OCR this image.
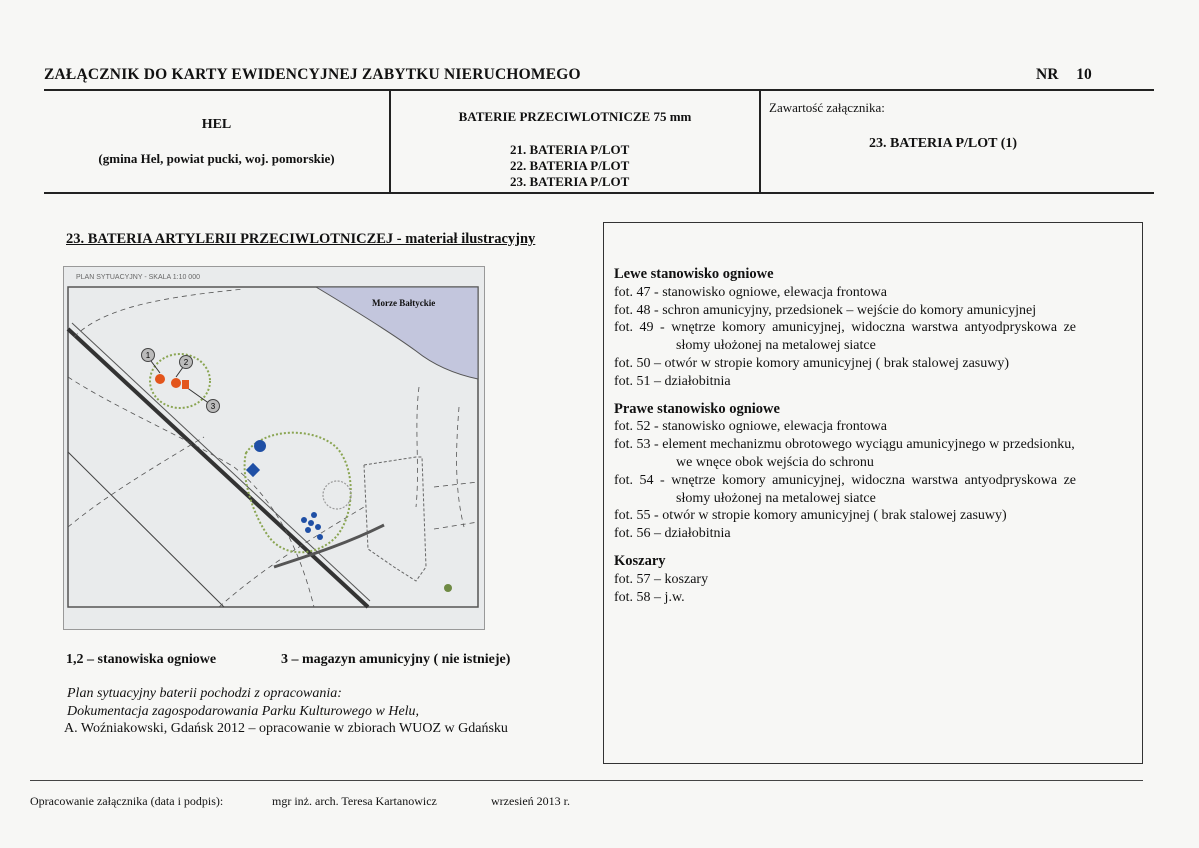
ZAŁĄCZNIK DO KARTY EWIDENCYJNEJ ZABYTKU NIERUCHOMEGO	NR 10
HEL
(gmina Hel, powiat pucki, woj. pomorskie)
BATERIE PRZECIWLOTNICZE 75 mm
21. BATERIA P/LOT
22. BATERIA P/LOT
23. BATERIA P/LOT
Zawartość załącznika:
23. BATERIA P/LOT (1)
23. BATERIA ARTYLERII PRZECIWLOTNICZEJ - materiał ilustracyjny
1
2
3
PLAN SYTUACYJNY - SKALA 1:10 000
Morze Bałtyckie
1,2 – stanowiska ogniowe	3 – magazyn amunicyjny ( nie istnieje)
Plan sytuacyjny baterii pochodzi z opracowania:
Dokumentacja zagospodarowania Parku Kulturowego w Helu,
A. Woźniakowski, Gdańsk 2012 – opracowanie w zbiorach WUOZ w Gdańsku
Lewe stanowisko ogniowe
fot. 47 - stanowisko ogniowe, elewacja frontowa
fot. 48 - schron amunicyjny, przedsionek – wejście do komory amunicyjnej
fot. 49 - wnętrze komory amunicyjnej, widoczna warstwa antyodpryskowa ze
słomy ułożonej na metalowej siatce
fot. 50 – otwór w stropie komory amunicyjnej ( brak stalowej zasuwy)
fot. 51 – działobitnia
Prawe stanowisko ogniowe
fot. 52 - stanowisko ogniowe, elewacja frontowa
fot. 53 - element mechanizmu obrotowego wyciągu amunicyjnego w przedsionku,
we wnęce obok wejścia do schronu
fot. 54 - wnętrze komory amunicyjnej, widoczna warstwa antyodpryskowa ze
słomy ułożonej na metalowej siatce
fot. 55 - otwór w stropie komory amunicyjnej ( brak stalowej zasuwy)
fot. 56 – działobitnia
Koszary
fot. 57 – koszary
fot. 58 – j.w.
Opracowanie załącznika (data i podpis):	mgr inż. arch. Teresa Kartanowicz	wrzesień 2013 r.
